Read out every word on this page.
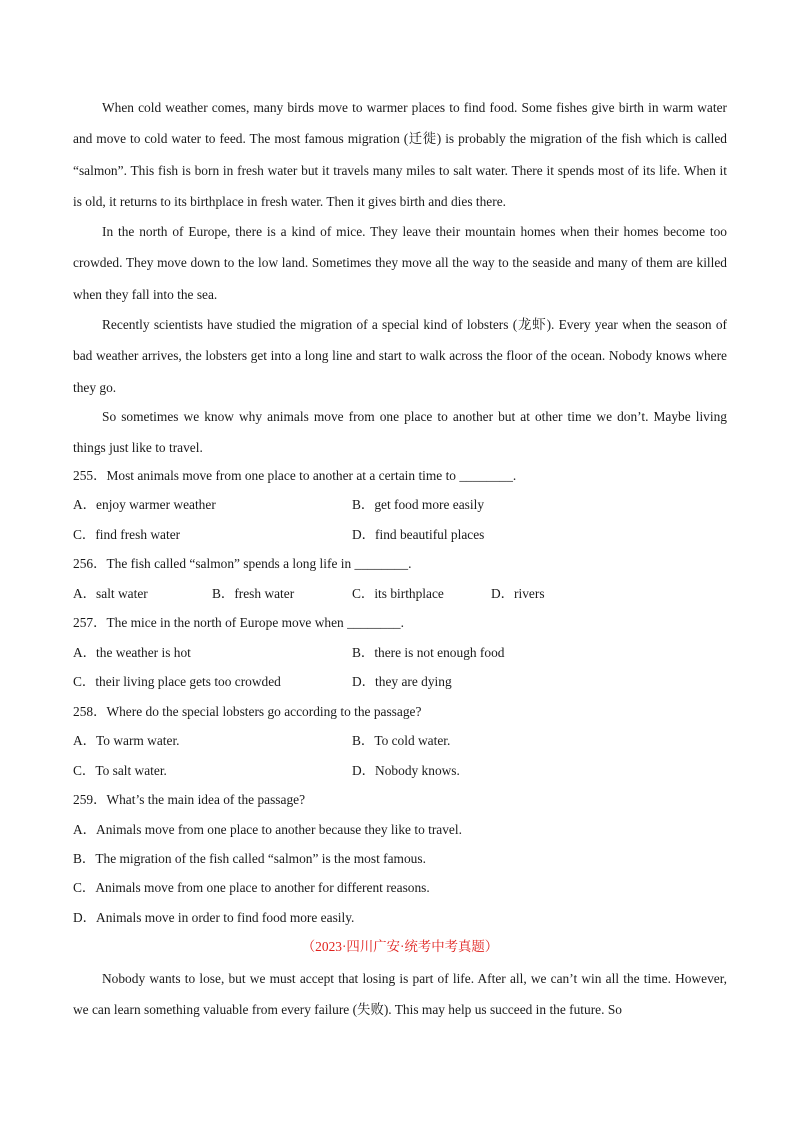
When cold weather comes, many birds move to warmer places to find food. Some fishes give birth in warm water and move to cold water to feed. The most famous migration (迁徙) is probably the migration of the fish which is called “salmon”. This fish is born in fresh water but it travels many miles to salt water. There it spends most of its life. When it is old, it returns to its birthplace in fresh water. Then it gives birth and dies there.

In the north of Europe, there is a kind of mice. They leave their mountain homes when their homes become too crowded. They move down to the low land. Sometimes they move all the way to the seaside and many of them are killed when they fall into the sea.

Recently scientists have studied the migration of a special kind of lobsters (龙虾). Every year when the season of bad weather arrives, the lobsters get into a long line and start to walk across the floor of the ocean. Nobody knows where they go.

So sometimes we know why animals move from one place to another but at other time we don’t. Maybe living things just like to travel.

255．Most animals move from one place to another at a certain time to ________.
A．enjoy warmer weather	B．get food more easily
C．find fresh water	D．find beautiful places
256．The fish called “salmon” spends a long life in ________.
A．salt water	B．fresh water	C．its birthplace	D．rivers
257．The mice in the north of Europe move when ________.
A．the weather is hot	B．there is not enough food
C．their living place gets too crowded	D．they are dying
258．Where do the special lobsters go according to the passage?
A．To warm water.	B．To cold water.
C．To salt water.	D．Nobody knows.
259．What’s the main idea of the passage?
A．Animals move from one place to another because they like to travel.
B．The migration of the fish called “salmon” is the most famous.
C．Animals move from one place to another for different reasons.
D．Animals move in order to find food more easily.
（2023·四川广安·统考中考真题）

Nobody wants to lose, but we must accept that losing is part of life. After all, we can’t win all the time. However, we can learn something valuable from every failure (失败). This may help us succeed in the future. So
